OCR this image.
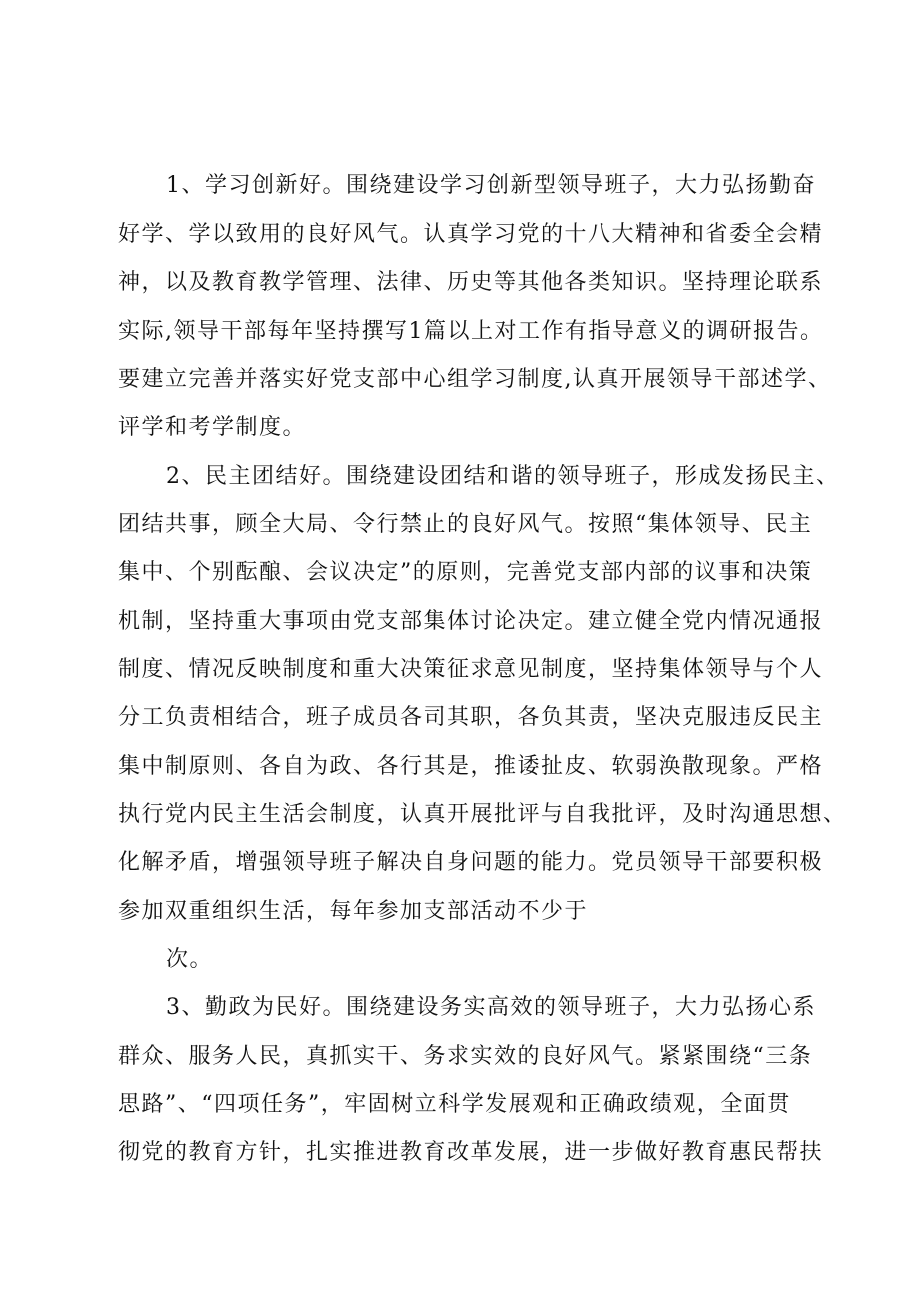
1、学习创新好。围绕建设学习创新型领导班子，大力弘扬勤奋
好学、学以致用的良好风气。认真学习党的十八大精神和省委全会精
神，以及教育教学管理、法律、历史等其他各类知识。坚持理论联系
实际,领导干部每年坚持撰写1篇以上对工作有指导意义的调研报告。
要建立完善并落实好党支部中心组学习制度,认真开展领导干部述学、
评学和考学制度。
2、民主团结好。围绕建设团结和谐的领导班子，形成发扬民主、
团结共事，顾全大局、令行禁止的良好风气。按照“集体领导、民主
集中、个别酝酿、会议决定”的原则，完善党支部内部的议事和决策
机制，坚持重大事项由党支部集体讨论决定。建立健全党内情况通报
制度、情况反映制度和重大决策征求意见制度，坚持集体领导与个人
分工负责相结合，班子成员各司其职，各负其责，坚决克服违反民主
集中制原则、各自为政、各行其是，推诿扯皮、软弱涣散现象。严格
执行党内民主生活会制度，认真开展批评与自我批评，及时沟通思想、
化解矛盾，增强领导班子解决自身问题的能力。党员领导干部要积极
参加双重组织生活，每年参加支部活动不少于
次。
3、勤政为民好。围绕建设务实高效的领导班子，大力弘扬心系
群众、服务人民，真抓实干、务求实效的良好风气。紧紧围绕“三条
思路”、“四项任务”，牢固树立科学发展观和正确政绩观，全面贯
彻党的教育方针，扎实推进教育改革发展，进一步做好教育惠民帮扶
